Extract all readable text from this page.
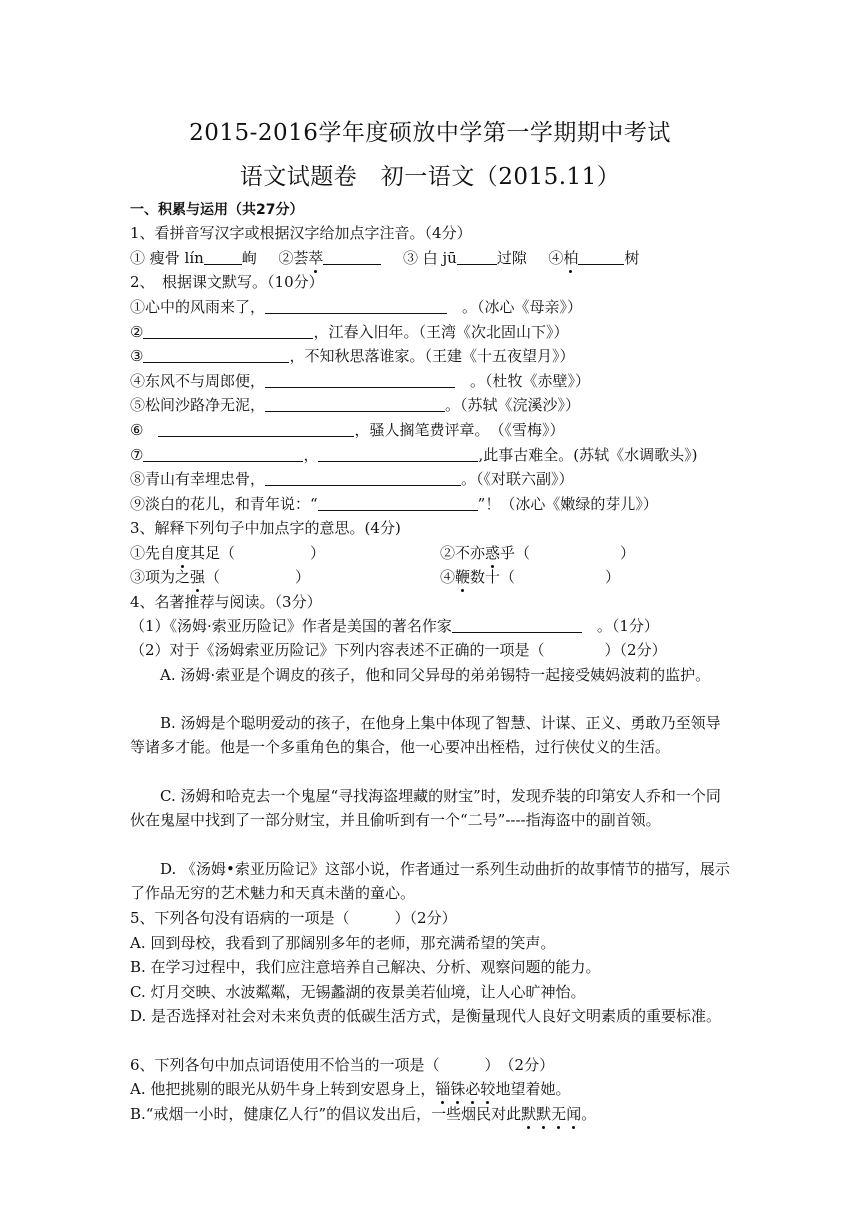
2015-2016学年度硕放中学第一学期期中考试
语文试题卷　初一语文（2015.11）
一、积累与运用（共27分）
1、看拼音写汉字或根据汉字给加点字注音。（4分）
① 瘦骨 lín	峋 ②荟萃	③ 白 jū	过隙 ④柏	树
2、　根据课文默写。（10分）
①心中的风雨来了，　	。（冰心《母亲》）
②	，江春入旧年。（王湾《次北固山下》）
③	，不知秋思落谁家。（王建《十五夜望月》）
④东风不与周郎便，　	。（杜牧《赤壁》）
⑤松间沙路净无泥，	。（苏轼《浣溪沙》）
⑥　	，骚人搁笔费评章。　（《雪梅》）
⑦	，	,此事古难全。(苏轼《水调歌头》)
⑧青山有幸埋忠骨，	。（《对联六副》）
⑨淡白的花儿，和青年说：“	”！（冰心《嫩绿的芽儿》）
3、解释下列句子中加点字的意思。(4分)
①先自度其足（　　　　　）	②不亦惑乎（　　　　　　）
③项为之强（　　　　　）	④鞭数十（　　　　　　）
4、名著推荐与阅读。（3分）
（1）《汤姆·索亚历险记》作者是美国的著名作家　	。（1分）
（2）对于《汤姆索亚历险记》下列内容表述不正确的一项是（　　　　）（2分）
A. 汤姆·索亚是个调皮的孩子，他和同父异母的弟弟锡特一起接受姨妈波莉的监护。
B. 汤姆是个聪明爱动的孩子，在他身上集中体现了智慧、计谋、正义、勇敢乃至领导等诸多才能。他是一个多重角色的集合，他一心要冲出桎梏，过行侠仗义的生活。
C. 汤姆和哈克去一个鬼屋“寻找海盗埋藏的财宝”时，发现乔装的印第安人乔和一个同伙在鬼屋中找到了一部分财宝，并且偷听到有一个“二号”----指海盗中的副首领。
D. 《汤姆•索亚历险记》这部小说，作者通过一系列生动曲折的故事情节的描写，展示了作品无穷的艺术魅力和天真未凿的童心。
5、下列各句没有语病的一项是（　　　）（2分）
A. 回到母校，我看到了那阔别多年的老师，那充满希望的笑声。
B. 在学习过程中，我们应注意培养自己解决、分析、观察问题的能力。
C. 灯月交映、水波粼粼，无锡蠡湖的夜景美若仙境，让人心旷神怡。
D. 是否选择对社会对未来负责的低碳生活方式，是衡量现代人良好文明素质的重要标准。
6、下列各句中加点词语使用不恰当的一项是（　　　）　（2分）
A. 他把挑剔的眼光从奶牛身上转到安恩身上，锱铢必较地望着她。
B.“戒烟一小时，健康亿人行”的倡议发出后，一些烟民对此默默无闻。
